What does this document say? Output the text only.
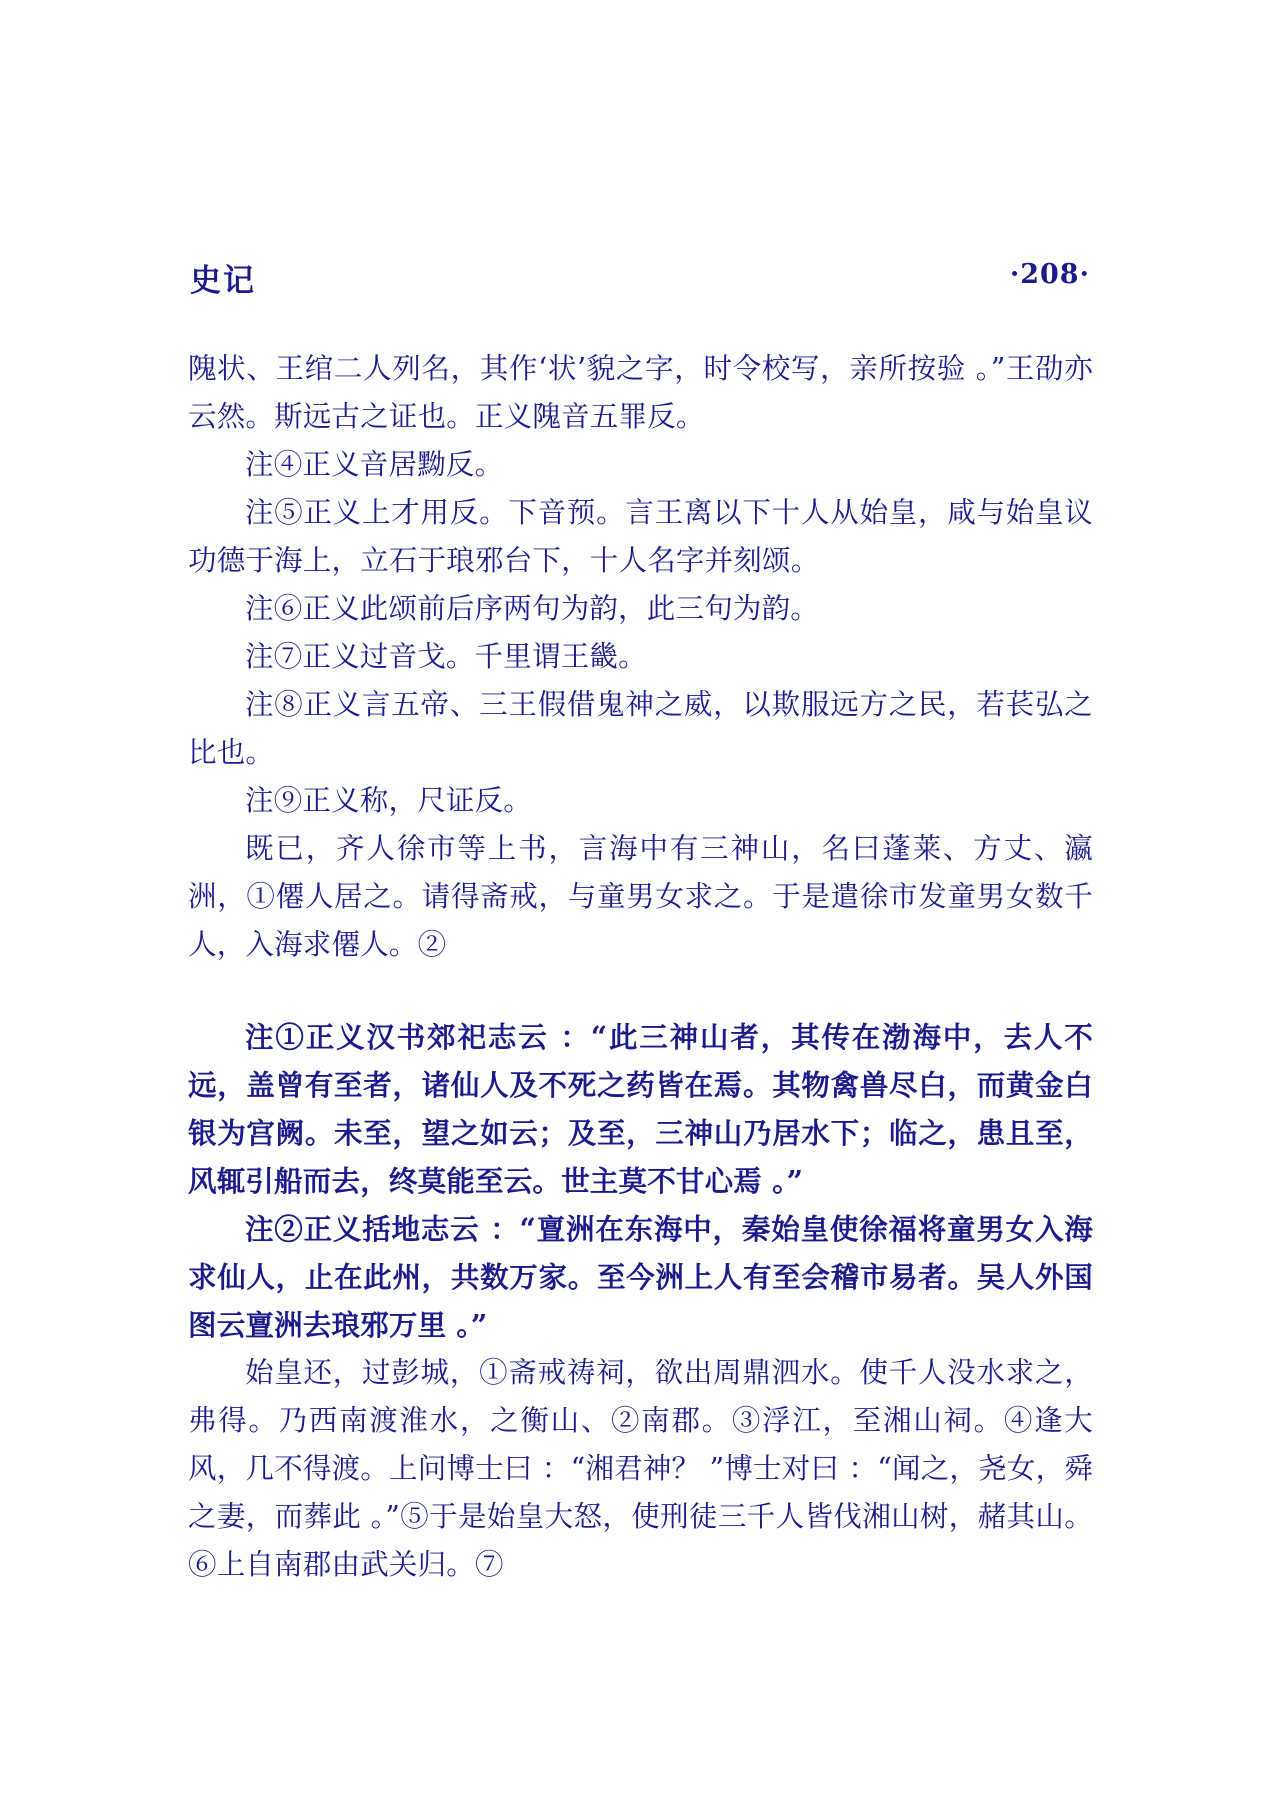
史记	·208·

隗状、王绾二人列名，其作‘状’貌之字，时令校写，亲所按验 。”王劭亦云然。斯远古之证也。正义隗音五罪反。

注④正义音居黝反。

注⑤正义上才用反。下音预。言王离以下十人从始皇，咸与始皇议功德于海上，立石于琅邪台下，十人名字并刻颂。

注⑥正义此颂前后序两句为韵，此三句为韵。

注⑦正义过音戈。千里谓王畿。

注⑧正义言五帝、三王假借鬼神之威，以欺服远方之民，若苌弘之比也。

注⑨正义称，尺证反。

既已，齐人徐市等上书，言海中有三神山，名曰蓬莱、方丈、瀛洲，①僊人居之。请得斋戒，与童男女求之。于是遣徐市发童男女数千人，入海求僊人。②

注①正义汉书郊祀志云 ：“此三神山者，其传在渤海中，去人不远，盖曾有至者，诸仙人及不死之药皆在焉。其物禽兽尽白，而黄金白银为宫阙。未至，望之如云；及至，三神山乃居水下；临之，患且至，风辄引船而去，终莫能至云。世主莫不甘心焉 。”

注②正义括地志云 ：“亶洲在东海中，秦始皇使徐福将童男女入海求仙人，止在此州，共数万家。至今洲上人有至会稽市易者。吴人外国图云亶洲去琅邪万里 。”

始皇还，过彭城，①斋戒祷祠，欲出周鼎泗水。使千人没水求之，弗得。乃西南渡淮水，之衡山、②南郡。③浮江，至湘山祠。④逢大风，几不得渡。上问博士曰 ：“湘君神？ ”博士对曰 ：“闻之，尧女，舜之妻，而葬此 。”⑤于是始皇大怒，使刑徒三千人皆伐湘山树，赭其山。⑥上自南郡由武关归。⑦
